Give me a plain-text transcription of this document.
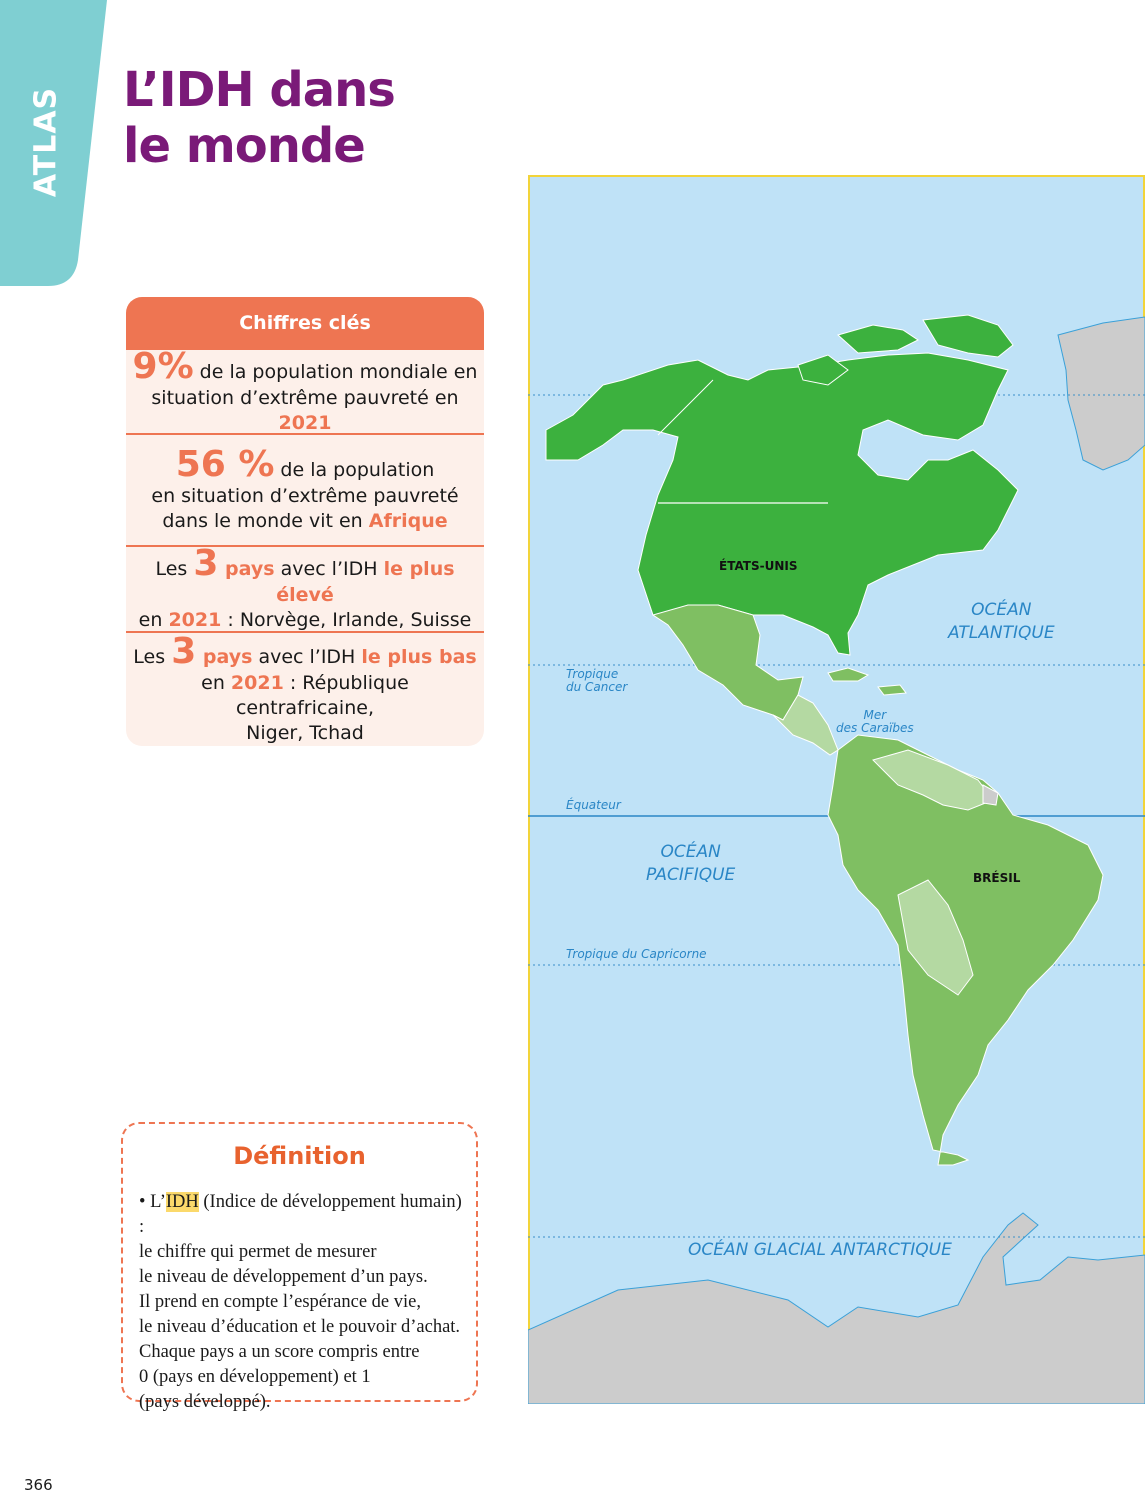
ATLAS L’IDH dans
le monde
Chiffres clés
9% de la population mondiale en
situation d’extrême pauvreté en 2021
56 % de la population
en situation d’extrême pauvreté
dans le monde vit en Afrique
Les 3 pays avec l’IDH le plus élevé
en 2021 : Norvège, Irlande, Suisse
Les 3 pays avec l’IDH le plus bas
en 2021 : République centrafricaine,
Niger, Tchad
Définition
• L’IDH (Indice de développement humain) :
le chiffre qui permet de mesurer
le niveau de développement d’un pays.
Il prend en compte l’espérance de vie,
le niveau d’éducation et le pouvoir d’achat.
Chaque pays a un score compris entre
0 (pays en développement) et 1
(pays développé).
366
ÉTATS-UNIS
BRÉSIL
OCÉAN
ATLANTIQUE
OCÉAN
PACIFIQUE
OCÉAN GLACIAL ANTARCTIQUE
Tropique
du Cancer
Équateur
Tropique du Capricorne
Mer
des Caraïbes
